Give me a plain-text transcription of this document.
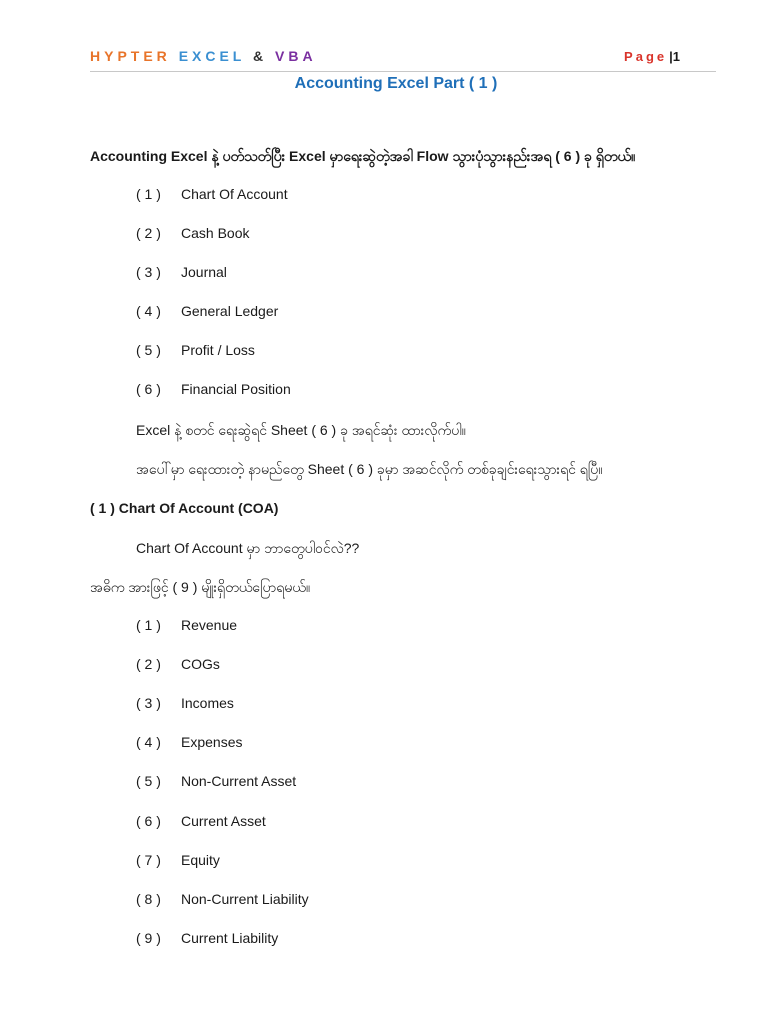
HYPTER EXCEL & VBA	Page |1
Accounting Excel Part ( 1 )
Accounting Excel နဲ့ ပတ်သတ်ပြီး Excel မှာရေးဆွဲတဲ့အခါ Flow သွားပုံသွားနည်းအရ ( 6 ) ခု ရှိတယ်။
( 1 ) Chart Of Account
( 2 ) Cash Book
( 3 ) Journal
( 4 ) General Ledger
( 5 ) Profit / Loss
( 6 ) Financial Position
Excel နဲ့ စတင် ရေးဆွဲရင် Sheet ( 6 ) ခု အရင်ဆုံး ထားလိုက်ပါ။
အပေါ်မှာ ရေးထားတဲ့ နာမည်တွေ Sheet ( 6 ) ခုမှာ အဆင်လိုက် တစ်ခုချင်းရေးသွားရင် ရပြီ။
( 1 ) Chart Of Account (COA)
Chart Of Account မှာ ဘာတွေပါဝင်လဲ??
အဓိက အားဖြင့် ( 9 ) မျိုးရှိတယ်ပြောရမယ်။
( 1 ) Revenue
( 2 ) COGs
( 3 ) Incomes
( 4 ) Expenses
( 5 ) Non-Current Asset
( 6 ) Current Asset
( 7 ) Equity
( 8 ) Non-Current Liability
( 9 ) Current Liability
